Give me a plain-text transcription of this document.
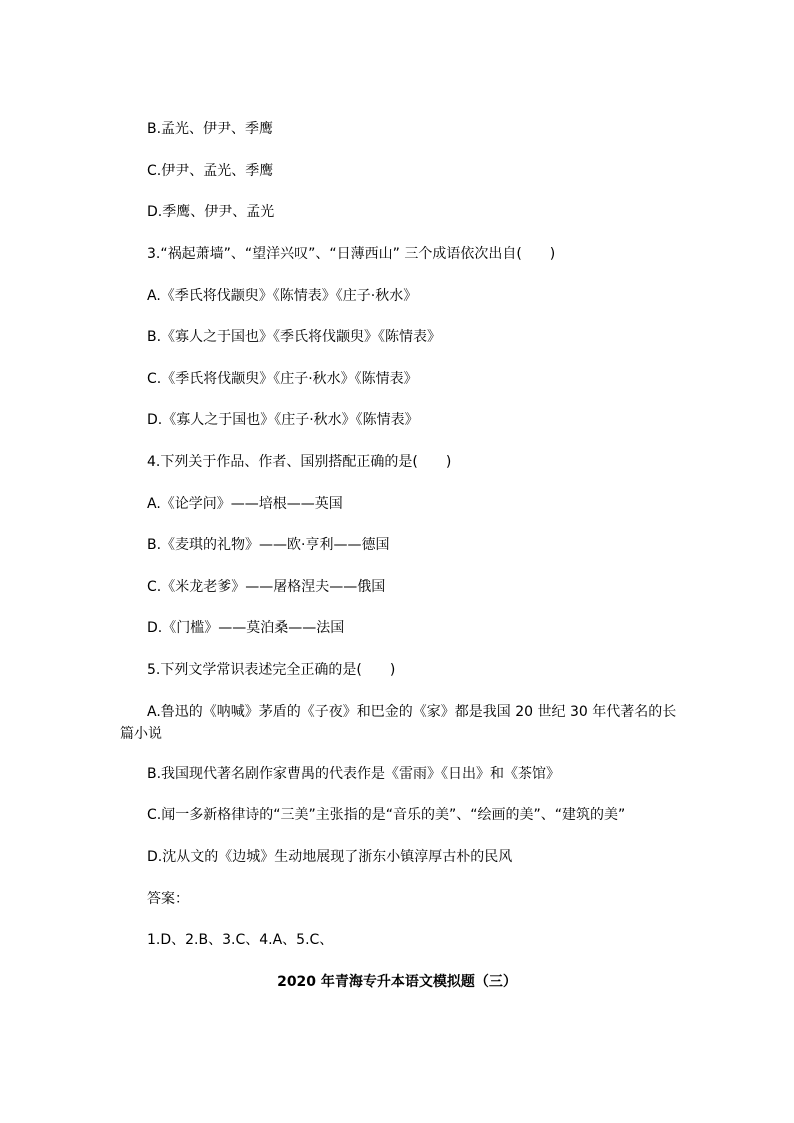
B.孟光、伊尹、季鹰
C.伊尹、孟光、季鹰
D.季鹰、伊尹、孟光
3.“祸起萧墙”、“望洋兴叹”、“日薄西山” 三个成语依次出自(　　)
A.《季氏将伐颛臾》《陈情表》《庄子·秋水》
B.《寡人之于国也》《季氏将伐颛臾》《陈情表》
C.《季氏将伐颛臾》《庄子·秋水》《陈情表》
D.《寡人之于国也》《庄子·秋水》《陈情表》
4.下列关于作品、作者、国别搭配正确的是(　　)
A.《论学问》——培根——英国
B.《麦琪的礼物》——欧·亨利——德国
C.《米龙老爹》——屠格涅夫——俄国
D.《门槛》——莫泊桑——法国
5.下列文学常识表述完全正确的是(　　)
A.鲁迅的《呐喊》茅盾的《子夜》和巴金的《家》都是我国 20 世纪 30 年代著名的长篇小说
B.我国现代著名剧作家曹禺的代表作是《雷雨》《日出》和《茶馆》
C.闻一多新格律诗的“三美”主张指的是“音乐的美”、“绘画的美”、“建筑的美”
D.沈从文的《边城》生动地展现了浙东小镇淳厚古朴的民风
答案：
1.D、2.B、3.C、4.A、5.C、
2020 年青海专升本语文模拟题（三）
